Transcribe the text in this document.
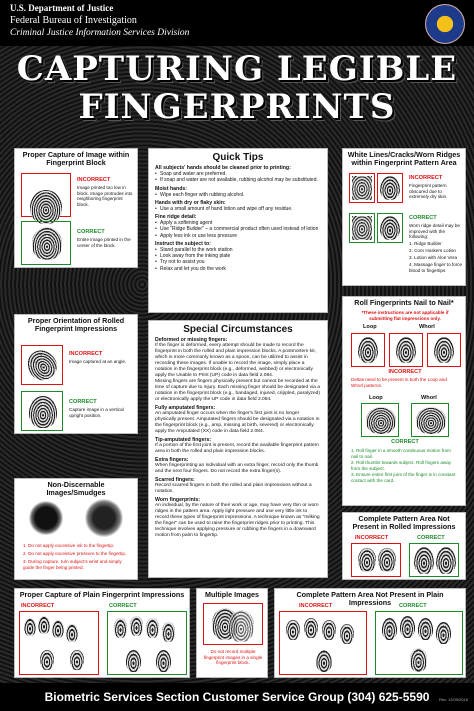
U.S. Department of Justice
Federal Bureau of Investigation
Criminal Justice Information Services Division
CAPTURING LEGIBLE
FINGERPRINTS
Proper Capture of Image within Fingerprint Block
INCORRECT
Image printed too low in block. Image protrudes into neighboring fingerprint block.
CORRECT
Entire image printed in the center of the block.
Proper Orientation of Rolled Fingerprint Impressions
INCORRECT
Image captured at an angle.
CORRECT
Capture image in a vertical upright position.
Non-Discernable Images/Smudges
1. Do not apply excessive ink to the fingertip.
2. Do not apply excessive pressure to the fingertip.
3. During capture, turn subject's wrist and simply guide the finger being printed.
Quick Tips
All subjects' hands should be cleaned prior to printing:
• Soap and water are preferred.
• If soap and water are not available, rubbing alcohol may be substituted.
Moist hands:
• Wipe each finger with rubbing alcohol.
Hands with dry or flaky skin:
• Use a small amount of hand lotion and wipe off any residue.
Fine ridge detail:
• Apply a softening agent
• Use "Ridge Builder" – a commercial product often used instead of lotion
• Apply less ink or use less pressure
Instruct the subject to:
• Stand parallel to the work station
• Look away from the inking plate
• Try not to assist you
• Relax and let you do the work
Special Circumstances
Deformed or missing fingers:

If the finger is deformed, every attempt should be made to record the fingerprint in both the rolled and plain impression blocks. A postmortem kit, which is more commonly known as a spoon, can be utilized to assist in recording these images. If unable to record the image, simply place a notation in the fingerprint block (e.g., deformed, webbed) or electronically apply the Unable to Print (UP) code in data field 2.084.

Missing fingers are fingers physically present but cannot be recorded at the time of capture due to injury. Each missing finger should be designated via a notation in the fingerprint block (e.g., bandaged, injured, crippled, paralyzed) or electronically apply the UP code in data field 2.084.

Fully amputated fingers:

An amputated finger occurs when the finger's first joint is no longer physically present. Amputated fingers should be designated via a notation in the fingerprint block (e.g., amp, missing at birth, severed) or electronically apply the Amputated (XX) code in data field 2.084.

Tip-amputated fingers:

If a portion of the first joint is present, record the available fingerprint pattern area in both the rolled and plain impression blocks.

Extra fingers:

When fingerprinting an individual with an extra finger, record only the thumb and the next four fingers. Do not record the extra finger(s).

Scarred fingers:

Record scarred fingers in both the rolled and plain impressions without a notation.

Worn fingerprints:

An individual, by the nature of their work or age, may have very thin or worn ridges in the pattern area. Apply light pressure and use very little ink to record these types of fingerprint impressions. A technique known as "milking the finger" can be used to raise the fingerprint ridges prior to printing. This technique involves applying pressure or rubbing the fingers in a downward motion from palm to fingertip.

White Lines/Cracks/Worn Ridges within Fingerprint Pattern Area
INCORRECT
Fingerprint pattern obscured due to extremely dry skin.
CORRECT
Worn ridge detail may be improved with the following:
1. Ridge Builder
2. Corn Huskers Lotion
3. Lotion with Aloe Vera
4. Massage finger to force blood to fingertips
Roll Fingerprints Nail to Nail*
*These instructions are not applicable if submitting flat impressions only.
Loop	Whorl
INCORRECT
Deltas need to be present in both the Loop and Whorl patterns.
Loop	Whorl
CORRECT
1. Roll finger in a smooth continuous motion from nail to nail.
2. Roll thumbs towards subject. Roll fingers away from the subject.
3. Ensure entire first joint of the finger is in constant contact with the card.
Complete Pattern Area Not Present in Rolled Impressions
INCORRECT	CORRECT
Proper Capture of Plain Fingerprint Impressions
INCORRECT	CORRECT
Multiple Images
Do not record multiple fingerprint images in a single fingerprint block.
Complete Pattern Area Not Present in Plain Impressions
INCORRECT	CORRECT
Biometric Services Section Customer Service Group (304) 625-5590	Rev. 12/09/2016
